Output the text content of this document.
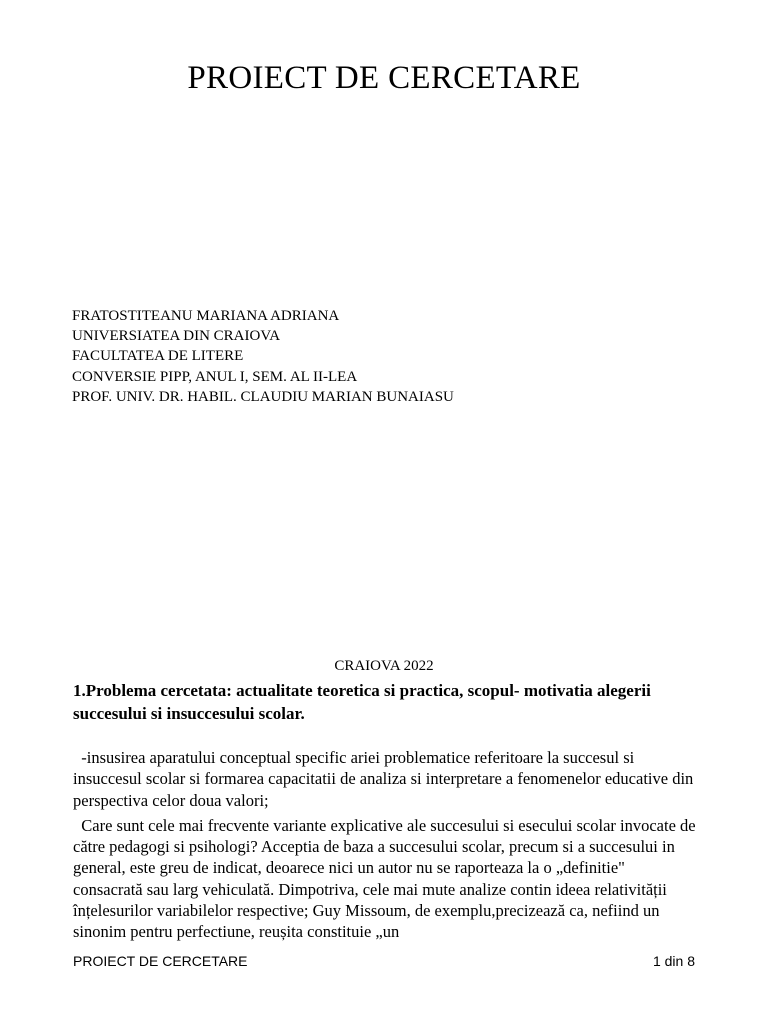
PROIECT DE CERCETARE
FRATOSTITEANU MARIANA ADRIANA
UNIVERSIATEA DIN CRAIOVA
FACULTATEA DE LITERE
CONVERSIE PIPP, ANUL I, SEM. AL II-LEA
PROF. UNIV. DR. HABIL. CLAUDIU MARIAN BUNAIASU
CRAIOVA 2022
1.Problema cercetata: actualitate teoretica si practica, scopul- motivatia alegerii succesului si insuccesului scolar.

-insusirea aparatului conceptual specific ariei problematice referitoare la succesul si insuccesul scolar si formarea capacitatii de analiza si interpretare a fenomenelor educative din perspectiva celor doua valori;

Care sunt cele mai frecvente variante explicative ale succesului si esecului scolar invocate de către pedagogi si psihologi? Acceptia de baza a succesului scolar, precum si a succesului in general, este greu de indicat, deoarece nici un autor nu se raporteaza la o „definitie" consacrată sau larg vehiculată. Dimpotriva, cele mai mute analize contin ideea relativității înțelesurilor variabilelor respective; Guy Missoum, de exemplu,precizează ca, nefiind un sinonim pentru perfectiune, reușita constituie „un

PROIECT DE CERCETARE	1 din 8
